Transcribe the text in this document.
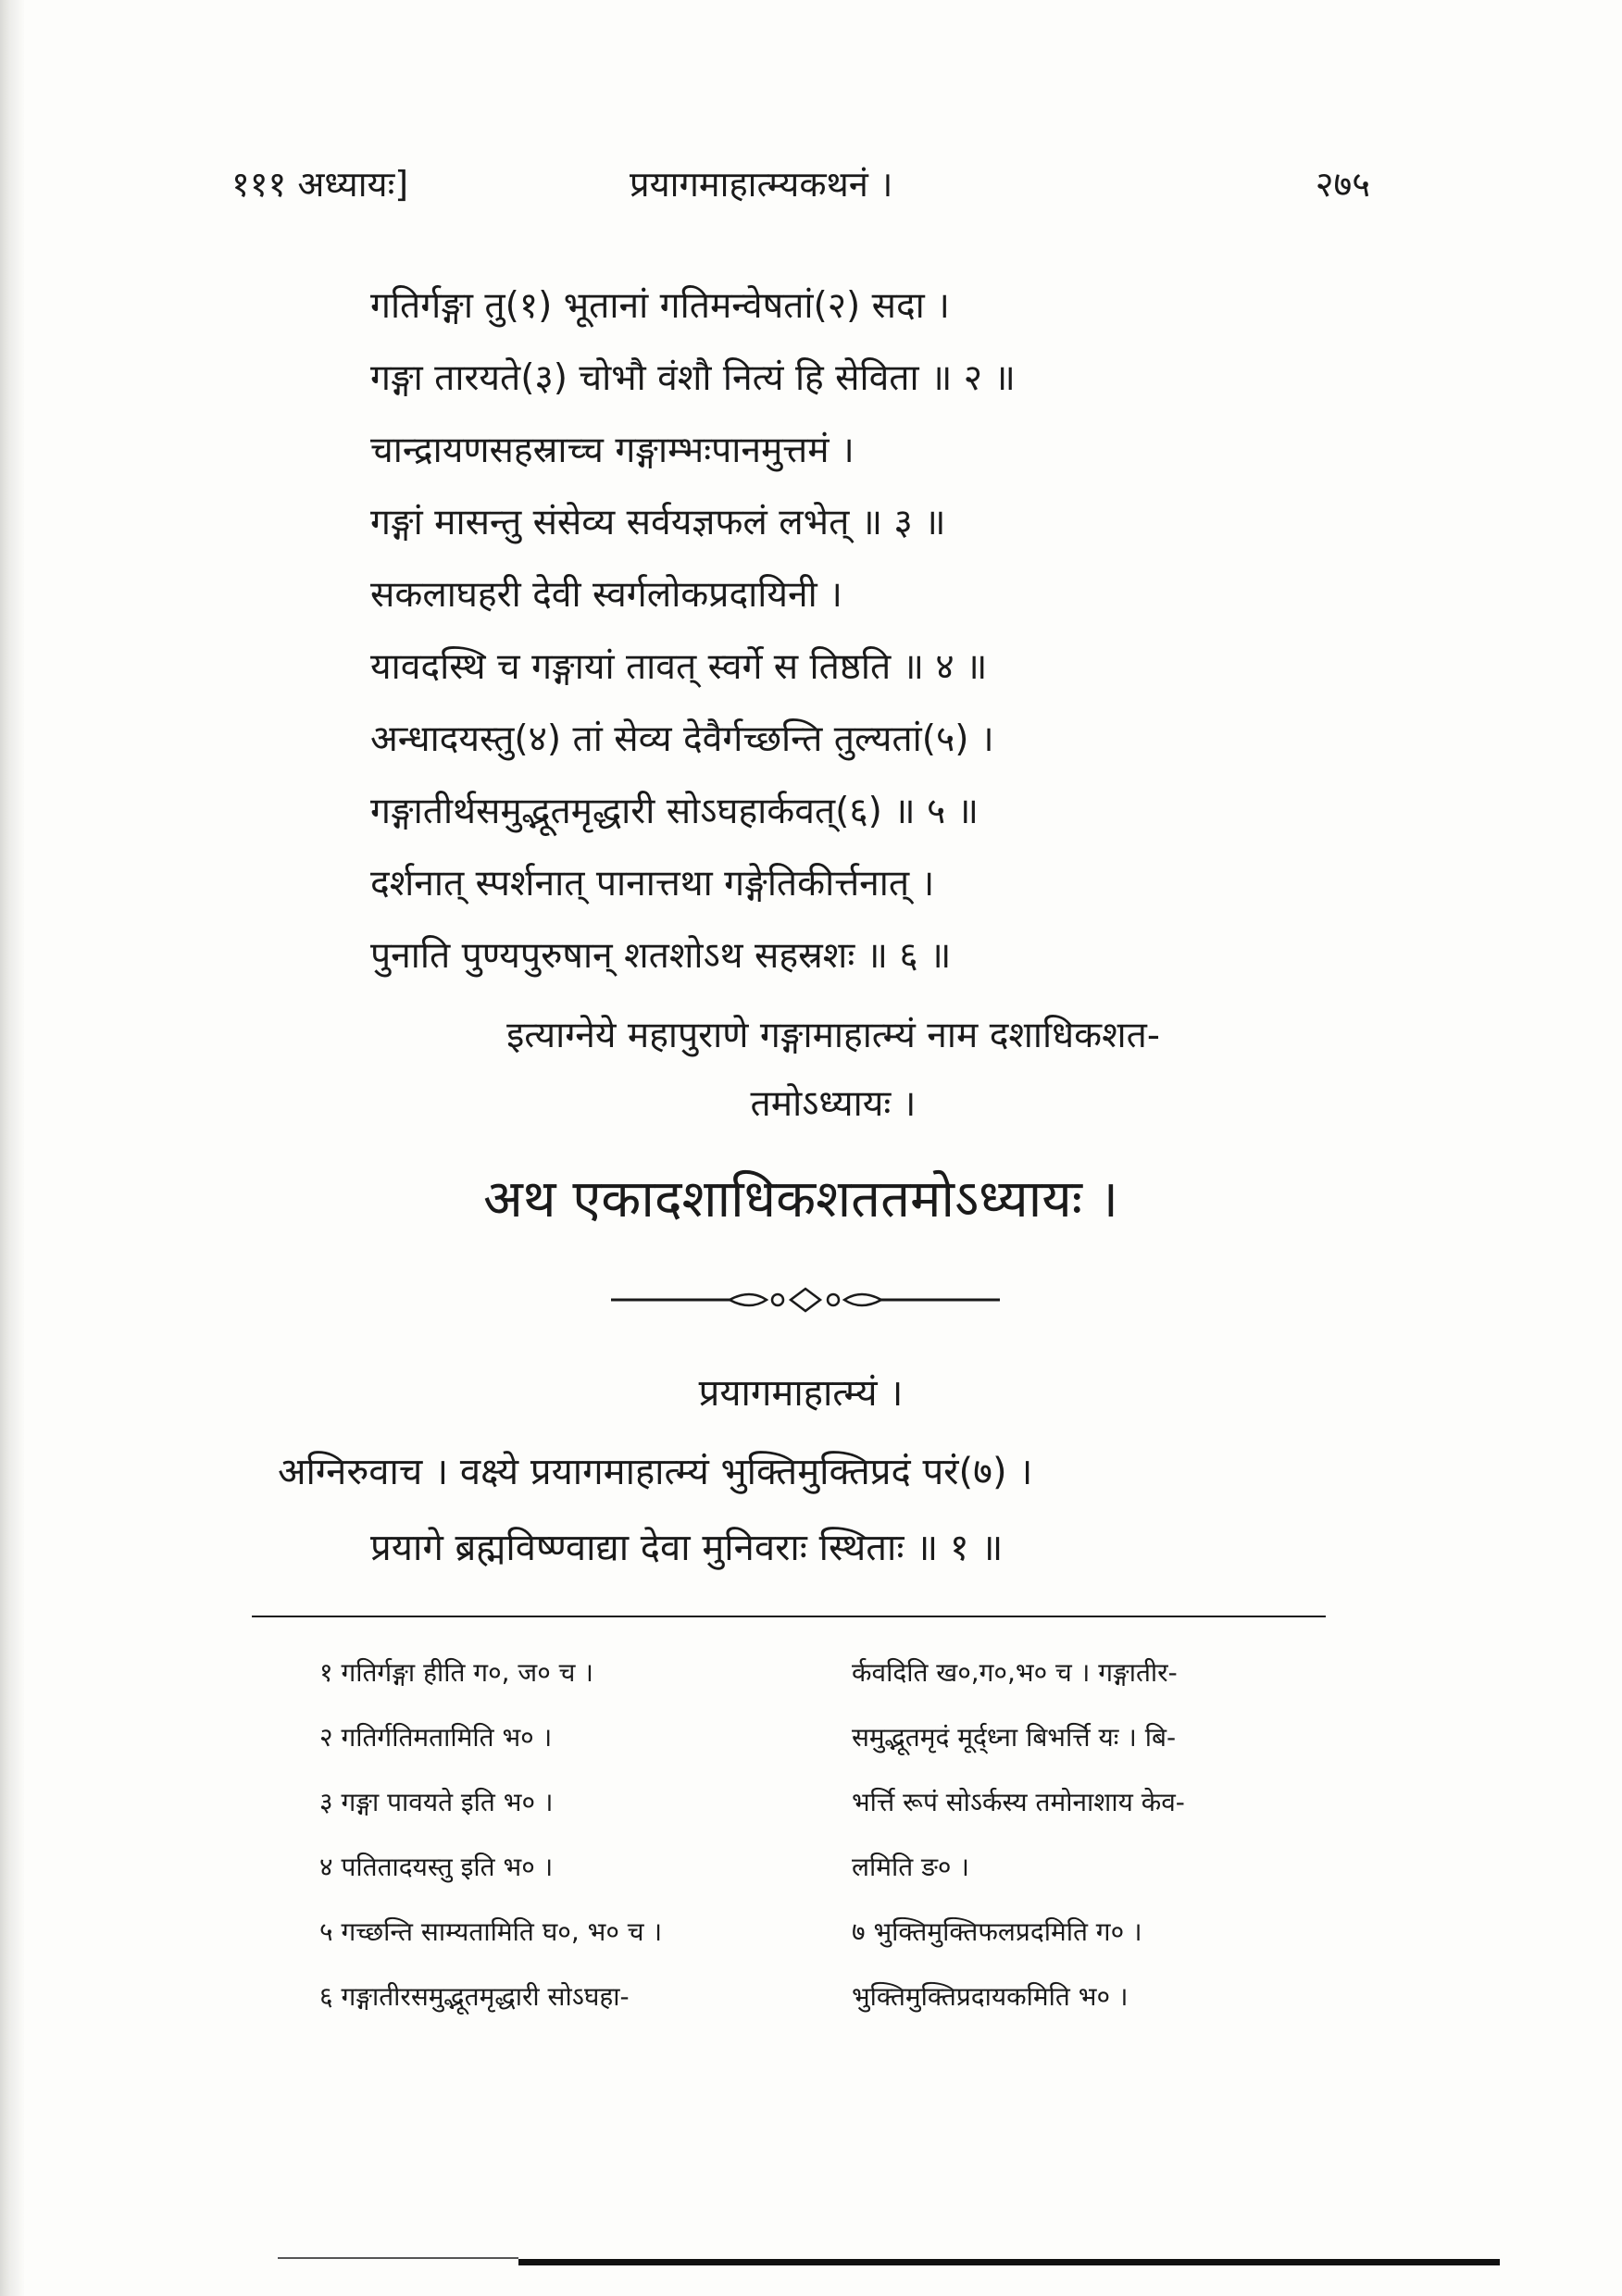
१११ अध्यायः]	प्रयागमाहात्म्यकथनं ।	२७५
गतिर्गङ्गा तु(१) भूतानां गतिमन्वेषतां(२) सदा ।
गङ्गा तारयते(३) चोभौ वंशौ नित्यं हि सेविता ॥ २ ॥
चान्द्रायणसहस्राच्च गङ्गाम्भःपानमुत्तमं ।
गङ्गां मासन्तु संसेव्य सर्वयज्ञफलं लभेत् ॥ ३ ॥
सकलाघहरी देवी स्वर्गलोकप्रदायिनी ।
यावदस्थि च गङ्गायां तावत् स्वर्गे स तिष्ठति ॥ ४ ॥
अन्धादयस्तु(४) तां सेव्य देवैर्गच्छन्ति तुल्यतां(५) ।
गङ्गातीर्थसमुद्भूतमृद्धारी सोऽघहार्कवत्(६) ॥ ५ ॥
दर्शनात् स्पर्शनात् पानात्तथा गङ्गेतिकीर्त्तनात् ।
पुनाति पुण्यपुरुषान् शतशोऽथ सहस्रशः ॥ ६ ॥
इत्याग्नेये महापुराणे गङ्गामाहात्म्यं नाम दशाधिकशत-
तमोऽध्यायः ।
अथ एकादशाधिकशततमोऽध्यायः ।
प्रयागमाहात्म्यं ।
अग्निरुवाच । वक्ष्ये प्रयागमाहात्म्यं भुक्तिमुक्तिप्रदं परं(७) ।
प्रयागे ब्रह्मविष्ण्वाद्या देवा मुनिवराः स्थिताः ॥ १ ॥
१ गतिर्गङ्गा हीति ग०, ज० च ।
२ गतिर्गतिमतामिति भ० ।
३ गङ्गा पावयते इति भ० ।
४ पतितादयस्तु इति भ० ।
५ गच्छन्ति साम्यतामिति घ०, भ० च ।
६ गङ्गातीरसमुद्भूतमृद्धारी सोऽघहा-
र्कवदिति ख०,ग०,भ० च । गङ्गातीर-
समुद्भूतमृदं मूर्द्ध्ना बिभर्त्ति यः । बि-
भर्त्ति रूपं सोऽर्कस्य तमोनाशाय केव-
लमिति ङ० ।
७ भुक्तिमुक्तिफलप्रदमिति ग० ।
भुक्तिमुक्तिप्रदायकमिति भ० ।
